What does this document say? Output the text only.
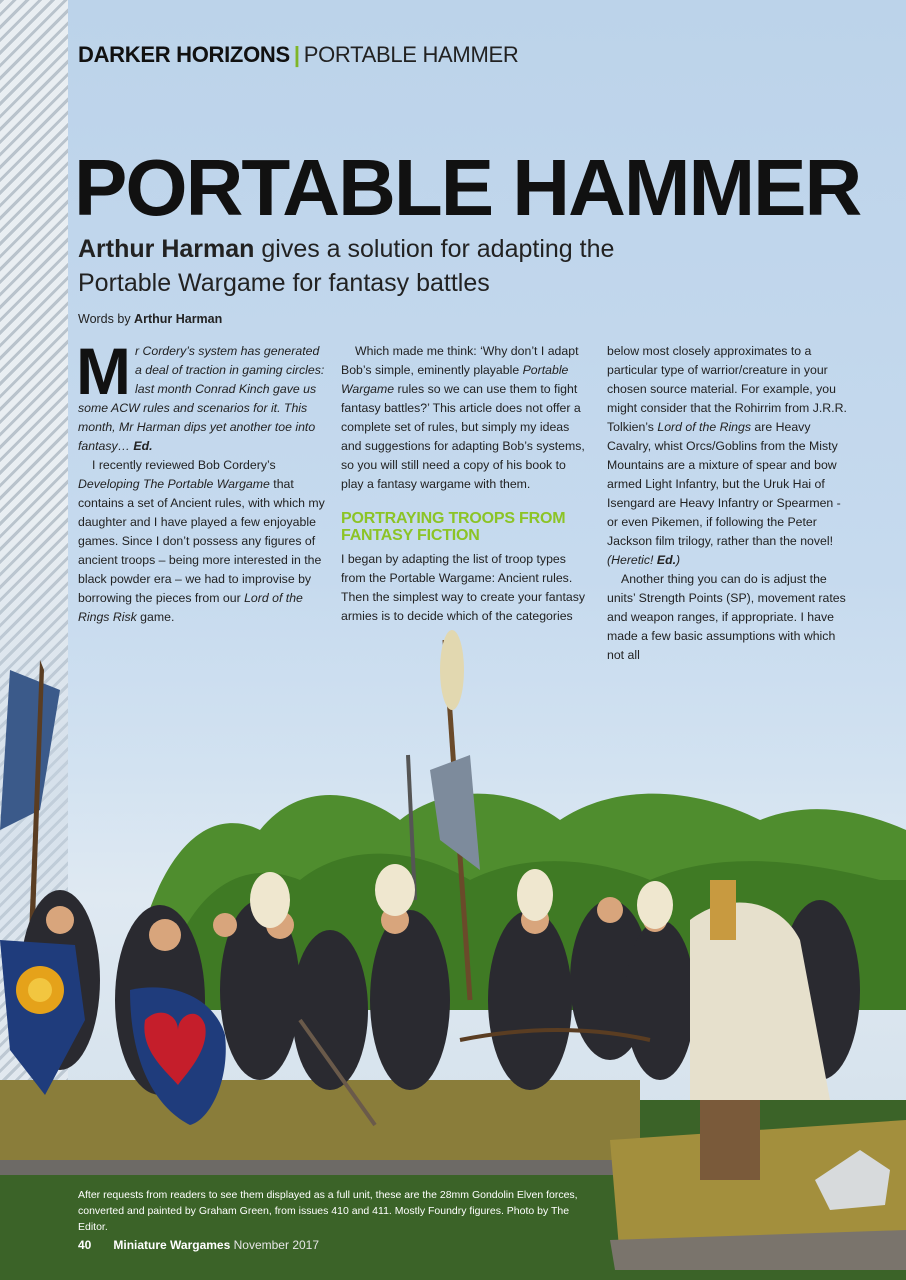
DARKER HORIZONS | PORTABLE HAMMER
PORTABLE HAMMER
Arthur Harman gives a solution for adapting the
Portable Wargame for fantasy battles
Words by Arthur Harman

Mr Cordery’s system has generated a deal of traction in gaming circles: last month Conrad Kinch gave us some ACW rules and scenarios for it. This month, Mr Harman dips yet another toe into fantasy… Ed.

I recently reviewed Bob Cordery’s Developing The Portable Wargame that contains a set of Ancient rules, with which my daughter and I have played a few enjoyable games. Since I don’t possess any figures of ancient troops – being more interested in the black powder era – we had to improvise by borrowing the pieces from our Lord of the Rings Risk game.

Which made me think: ‘Why don’t I adapt Bob’s simple, eminently playable Portable Wargame rules so we can use them to fight fantasy battles?’ This article does not offer a complete set of rules, but simply my ideas and suggestions for adapting Bob’s systems, so you will still need a copy of his book to play a fantasy wargame with them.

PORTRAYING TROOPS FROM FANTASY FICTION

I began by adapting the list of troop types from the Portable Wargame: Ancient rules. Then the simplest way to create your fantasy armies is to decide which of the categories

below most closely approximates to a particular type of warrior/creature in your chosen source material. For example, you might consider that the Rohirrim from J.R.R. Tolkien’s Lord of the Rings are Heavy Cavalry, whist Orcs/Goblins from the Misty Mountains are a mixture of spear and bow armed Light Infantry, but the Uruk Hai of Isengard are Heavy Infantry or Spearmen - or even Pikemen, if following the Peter Jackson film trilogy, rather than the novel! (Heretic! Ed.)

Another thing you can do is adjust the units’ Strength Points (SP), movement rates and weapon ranges, if appropriate. I have made a few basic assumptions with which not all

After requests from readers to see them displayed as a full unit, these are the 28mm Gondolin Elven forces, converted and painted by Graham Green, from issues 410 and 411. Mostly Foundry figures. Photo by The Editor.
40 Miniature Wargames November 2017
